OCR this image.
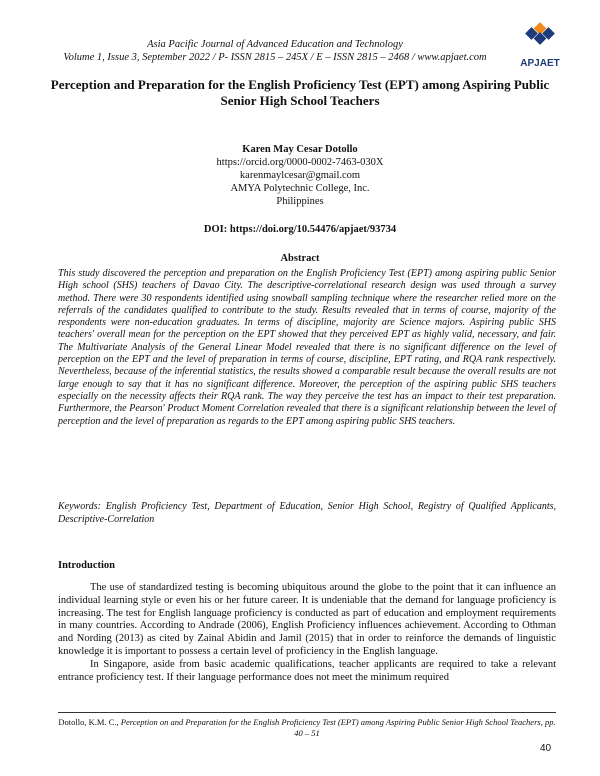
Asia Pacific Journal of Advanced Education and Technology
Volume 1, Issue 3, September 2022 / P- ISSN 2815 – 245X / E – ISSN 2815 – 2468 / www.apjaet.com
APJAET
Perception and Preparation for the English Proficiency Test (EPT) among Aspiring Public Senior High School Teachers
Karen May Cesar Dotollo
https://orcid.org/0000-0002-7463-030X
karenmaylcesar@gmail.com
AMYA Polytechnic College, Inc.
Philippines
DOI: https://doi.org/10.54476/apjaet/93734
Abstract
This study discovered the perception and preparation on the English Proficiency Test (EPT) among aspiring public Senior High school (SHS) teachers of Davao City. The descriptive-correlational research design was used through a survey method. There were 30 respondents identified using snowball sampling technique where the researcher relied more on the referrals of the candidates qualified to contribute to the study. Results revealed that in terms of course, majority of the respondents were non-education graduates. In terms of discipline, majority are Science majors. Aspiring public SHS teachers' overall mean for the perception on the EPT showed that they perceived EPT as highly valid, necessary, and fair. The Multivariate Analysis of the General Linear Model revealed that there is no significant difference on the level of perception on the EPT and the level of preparation in terms of course, discipline, EPT rating, and RQA rank respectively. Nevertheless, because of the inferential statistics, the results showed a comparable result because the overall results are not large enough to say that it has no significant difference. Moreover, the perception of the aspiring public SHS teachers especially on the necessity affects their RQA rank. The way they perceive the test has an impact to their test preparation. Furthermore, the Pearson' Product Moment Correlation revealed that there is a significant relationship between the level of perception and the level of preparation as regards to the EPT among aspiring public SHS teachers.
Keywords: English Proficiency Test, Department of Education, Senior High School, Registry of Qualified Applicants, Descriptive-Correlation
Introduction

The use of standardized testing is becoming ubiquitous around the globe to the point that it can influence an individual learning style or even his or her future career. It is undeniable that the demand for language proficiency is increasing. The test for English language proficiency is conducted as part of education and employment requirements in many countries. According to Andrade (2006), English Proficiency influences achievement. According to Othman and Nording (2013) as cited by Zainal Abidin and Jamil (2015) that in order to reinforce the demands of linguistic knowledge it is important to possess a certain level of proficiency in the English language.

In Singapore, aside from basic academic qualifications, teacher applicants are required to take a relevant entrance proficiency test. If their language performance does not meet the minimum required

Dotollo, K.M. C., Perception on and Preparation for the English Proficiency Test (EPT) among Aspiring Public Senior High School Teachers, pp. 40 – 51
40
